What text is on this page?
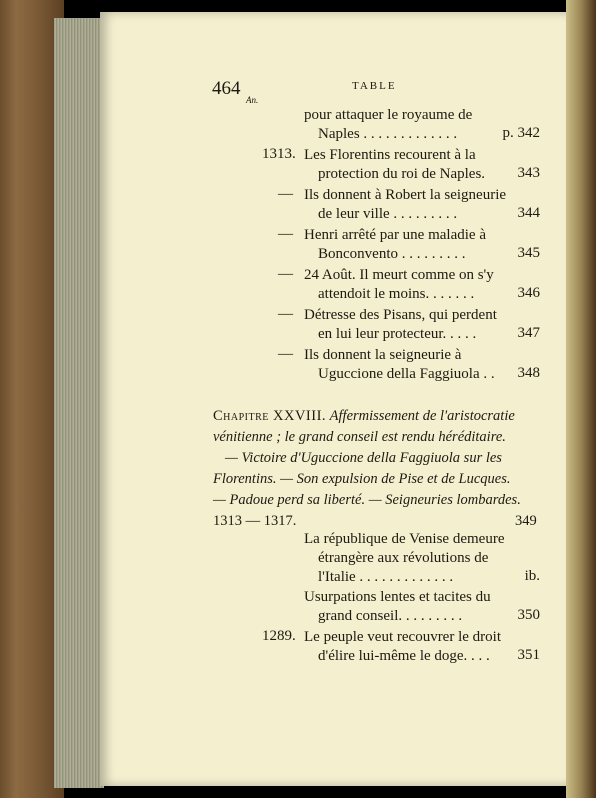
464	TABLE
An.
pour attaquer le royaume de
Naples . . . . . . . . . . . . .	p. 342
1313. Les Florentins recourent à la
protection du roi de Naples. 343
— Ils donnent à Robert la seigneurie
de leur ville . . . . . . . . .	344
— Henri arrêté par une maladie à
Bonconvento . . . . . . . . .	345
— 24 Août. Il meurt comme on s'y
attendoit le moins. . . . . . .	346
— Détresse des Pisans, qui perdent
en lui leur protecteur. . . . .	347
— Ils donnent la seigneurie à
Uguccione della Faggiuola . . 348
Chapitre XXVIII. Affermissement de l'aristocratie
vénitienne ; le grand conseil est rendu héréditaire.
— Victoire d'Uguccione della Faggiuola sur les
Florentins. — Son expulsion de Pise et de Lucques.
— Padoue perd sa liberté. — Seigneuries lombardes.
1313 — 1317.	349
La république de Venise demeure
étrangère aux révolutions de
l'Italie . . . . . . . . . . . . .	ib.
Usurpations lentes et tacites du
grand conseil. . . . . . . . .	350
1289. Le peuple veut recouvrer le droit
d'élire lui-même le doge. . . . 351
